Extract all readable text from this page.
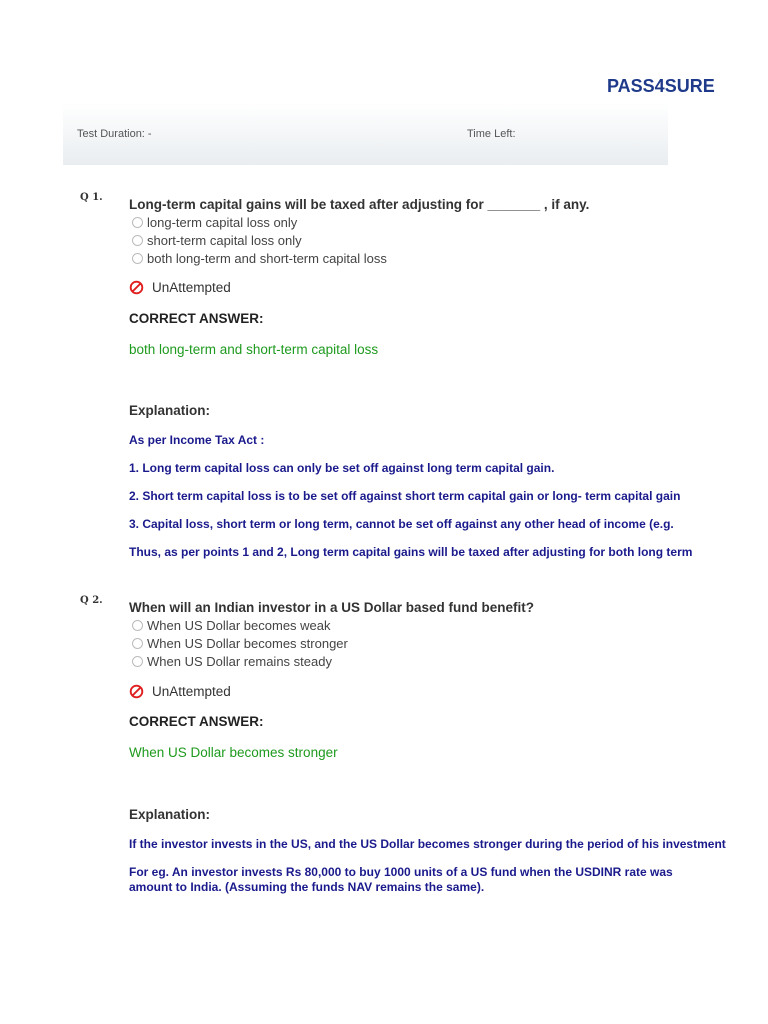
PASS4SURE
Test Duration: -	Time Left:
Q 1. Long-term capital gains will be taxed after adjusting for _______ , if any.
long-term capital loss only
short-term capital loss only
both long-term and short-term capital loss
UnAttempted
CORRECT ANSWER:
both long-term and short-term capital loss
Explanation:
As per Income Tax Act :
1. Long term capital loss can only be set off against long term capital gain.
2. Short term capital loss is to be set off against short term capital gain or long- term capital gain
3. Capital loss, short term or long term, cannot be set off against any other head of income (e.g.
Thus, as per points 1 and 2, Long term capital gains will be taxed after adjusting for both long term
Q 2. When will an Indian investor in a US Dollar based fund benefit?
When US Dollar becomes weak
When US Dollar becomes stronger
When US Dollar remains steady
UnAttempted
CORRECT ANSWER:
When US Dollar becomes stronger
Explanation:
If the investor invests in the US, and the US Dollar becomes stronger during the period of his investment
For eg. An investor invests Rs 80,000 to buy 1000 units of a US fund when the USDINR rate was
amount to India. (Assuming the funds NAV remains the same).
